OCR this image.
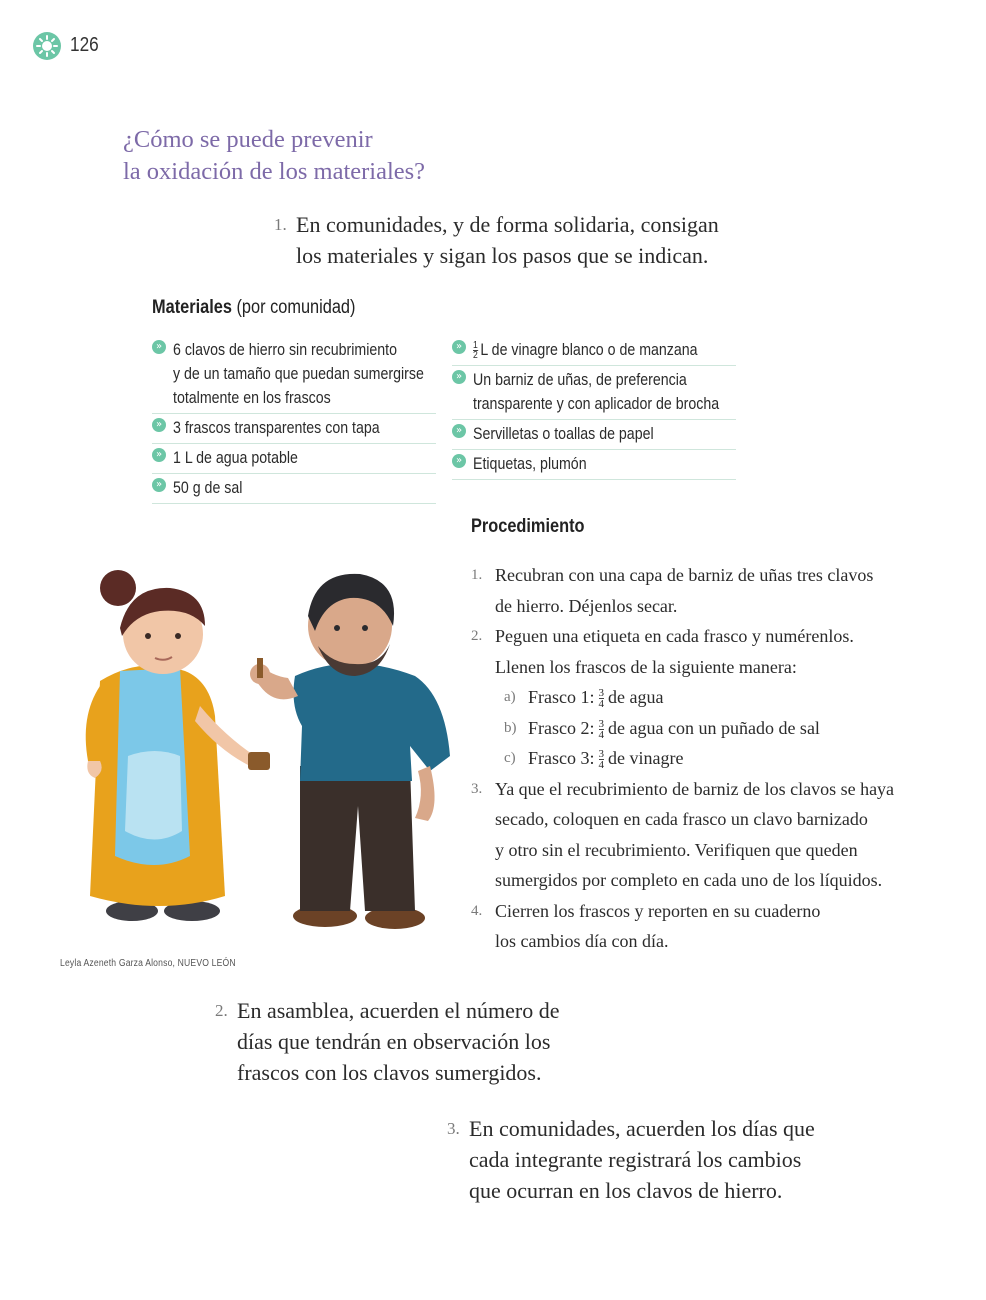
126
¿Cómo se puede prevenir
la oxidación de los materiales?
1. En comunidades, y de forma solidaria, consigan
los materiales y sigan los pasos que se indican.
Materiales (por comunidad)
» 6 clavos de hierro sin recubrimiento
y de un tamaño que puedan sumergirse
totalmente en los frascos
» 3 frascos transparentes con tapa
» 1 L de agua potable
» 50 g de sal
»	$\frac{1}{2}$ L de vinagre blanco o de manzana
» Un barniz de uñas, de preferencia
transparente y con aplicador de brocha
» Servilletas o toallas de papel
» Etiquetas, plumón
Leyla Azeneth Garza Alonso, NUEVO LEÓN
Procedimiento
1. Recubran con una capa de barniz de uñas tres clavos
de hierro. Déjenlos secar.
2. Peguen una etiqueta en cada frasco y numérenlos.
Llenen los frascos de la siguiente manera:
a) Frasco 1: $\frac{3}{4}$ de agua
b) Frasco 2: $\frac{3}{4}$ de agua con un puñado de sal
c) Frasco 3: $\frac{3}{4}$ de vinagre
3. Ya que el recubrimiento de barniz de los clavos se haya
secado, coloquen en cada frasco un clavo barnizado
y otro sin el recubrimiento. Verifiquen que queden
sumergidos por completo en cada uno de los líquidos.
4. Cierren los frascos y reporten en su cuaderno
los cambios día con día.
2. En asamblea, acuerden el número de
días que tendrán en observación los
frascos con los clavos sumergidos.
3. En comunidades, acuerden los días que
cada integrante registrará los cambios
que ocurran en los clavos de hierro.
